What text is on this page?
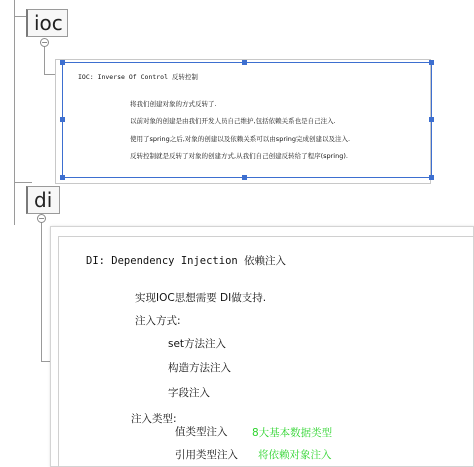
ioc
−
IOC: Inverse Of Control 反转控制
将我们创建对象的方式反转了.
以前对象的创建是由我们开发人员自己维护,包括依赖关系也是自己注入.
使用了spring之后,对象的创建以及依赖关系可以由spring完成创建以及注入.
反转控制就是反转了对象的创建方式,从我们自己创建反转给了程序(spring).
di
−
DI: Dependency Injection 依赖注入
实现IOC思想需要 DI做支持.
注入方式:
set方法注入
构造方法注入
字段注入
注入类型:
值类型注入 8大基本数据类型
引用类型注入 将依赖对象注入
